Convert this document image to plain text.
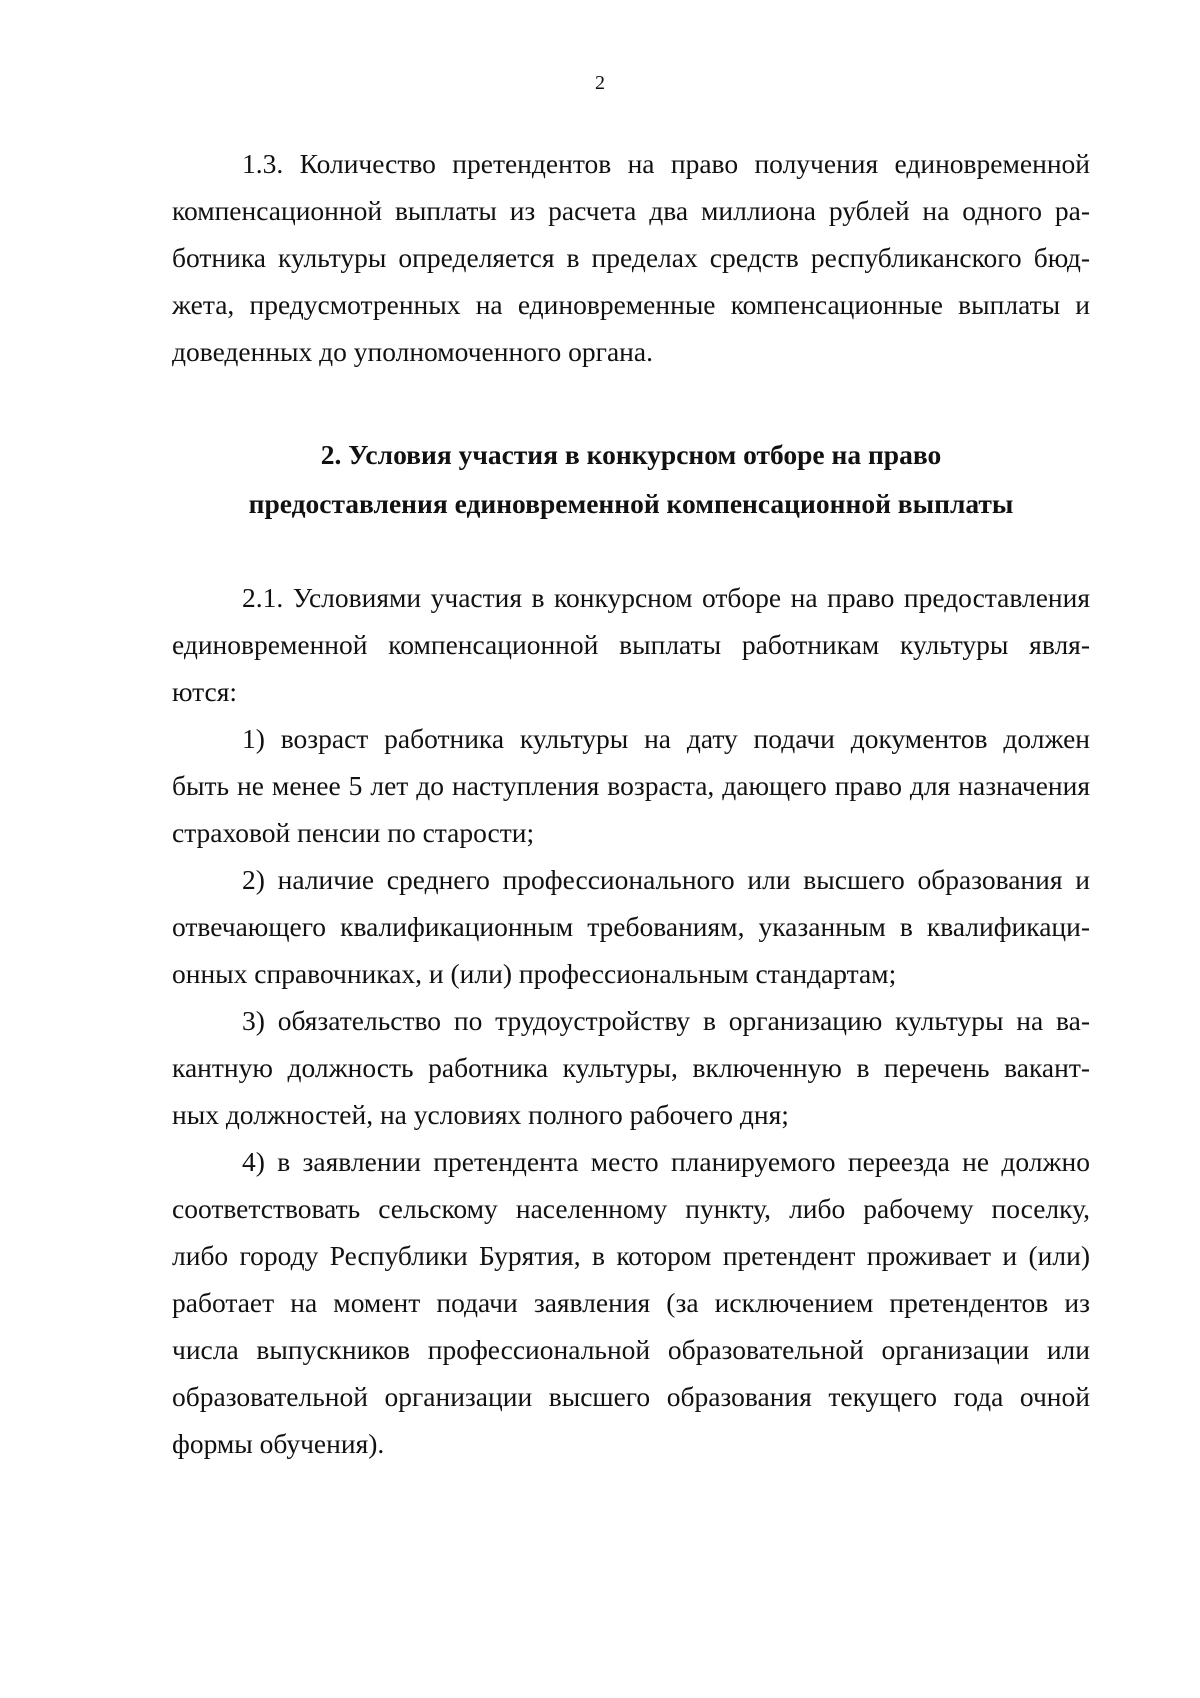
2
1.3. Количество претендентов на право получения единовременной
компенсационной выплаты из расчета два миллиона рублей на одного ра-
ботника культуры определяется в пределах средств республиканского бюд-
жета, предусмотренных на единовременные компенсационные выплаты и
доведенных до уполномоченного органа.
2. Условия участия в конкурсном отборе на право
предоставления единовременной компенсационной выплаты
2.1. Условиями участия в конкурсном отборе на право предоставления
единовременной компенсационной выплаты работникам культуры явля-
ются:
1) возраст работника культуры на дату подачи документов должен
быть не менее 5 лет до наступления возраста, дающего право для назначения
страховой пенсии по старости;
2) наличие среднего профессионального или высшего образования и
отвечающего квалификационным требованиям, указанным в квалификаци-
онных справочниках, и (или) профессиональным стандартам;
3) обязательство по трудоустройству в организацию культуры на ва-
кантную должность работника культуры, включенную в перечень вакант-
ных должностей, на условиях полного рабочего дня;
4) в заявлении претендента место планируемого переезда не должно
соответствовать сельскому населенному пункту, либо рабочему поселку,
либо городу Республики Бурятия, в котором претендент проживает и (или)
работает на момент подачи заявления (за исключением претендентов из
числа выпускников профессиональной образовательной организации или
образовательной организации высшего образования текущего года очной
формы обучения).
